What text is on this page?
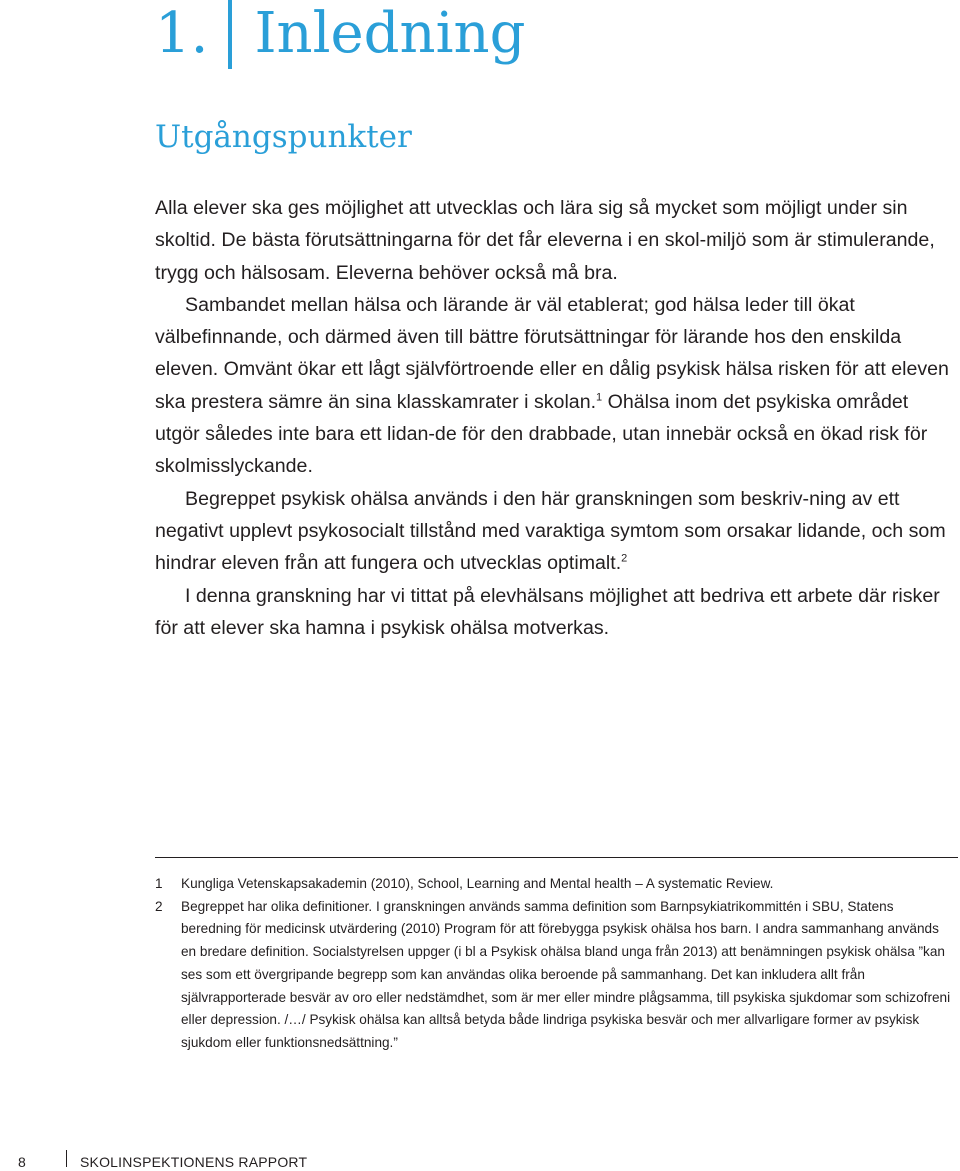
1. Inledning
Utgångspunkter

Alla elever ska ges möjlighet att utvecklas och lära sig så mycket som möjligt under sin skoltid. De bästa förutsättningarna för det får eleverna i en skol-miljö som är stimulerande, trygg och hälsosam. Eleverna behöver också må bra.

Sambandet mellan hälsa och lärande är väl etablerat; god hälsa leder till ökat välbefinnande, och därmed även till bättre förutsättningar för lärande hos den enskilda eleven. Omvänt ökar ett lågt självförtroende eller en dålig psykisk hälsa risken för att eleven ska prestera sämre än sina klasskamrater i skolan.$^1$ Ohälsa inom det psykiska området utgör således inte bara ett lidan-de för den drabbade, utan innebär också en ökad risk för skolmisslyckande.

Begreppet psykisk ohälsa används i den här granskningen som beskriv-ning av ett negativt upplevt psykosocialt tillstånd med varaktiga symtom som orsakar lidande, och som hindrar eleven från att fungera och utvecklas optimalt.$^2$

I denna granskning har vi tittat på elevhälsans möjlighet att bedriva ett arbete där risker för att elever ska hamna i psykisk ohälsa motverkas.

1	Kungliga Vetenskapsakademin (2010), School, Learning and Mental health – A systematic Review.
2	Begreppet har olika definitioner. I granskningen används samma definition som Barnpsykiatrikommittén i SBU, Statens beredning för medicinsk utvärdering (2010) Program för att förebygga psykisk ohälsa hos barn. I andra sammanhang används en bredare definition. Socialstyrelsen uppger (i bl a Psykisk ohälsa bland unga från 2013) att benämningen psykisk ohälsa ”kan ses som ett övergripande begrepp som kan användas olika beroende på sammanhang. Det kan inkludera allt från självrapporterade besvär av oro eller nedstämdhet, som är mer eller mindre plågsamma, till psykiska sjukdomar som schizofreni eller depression. /…/ Psykisk ohälsa kan alltså betyda både lindriga psykiska besvär och mer allvarligare former av psykisk sjukdom eller funktionsnedsättning.”
8	SKOLINSPEKTIONENS RAPPORT
